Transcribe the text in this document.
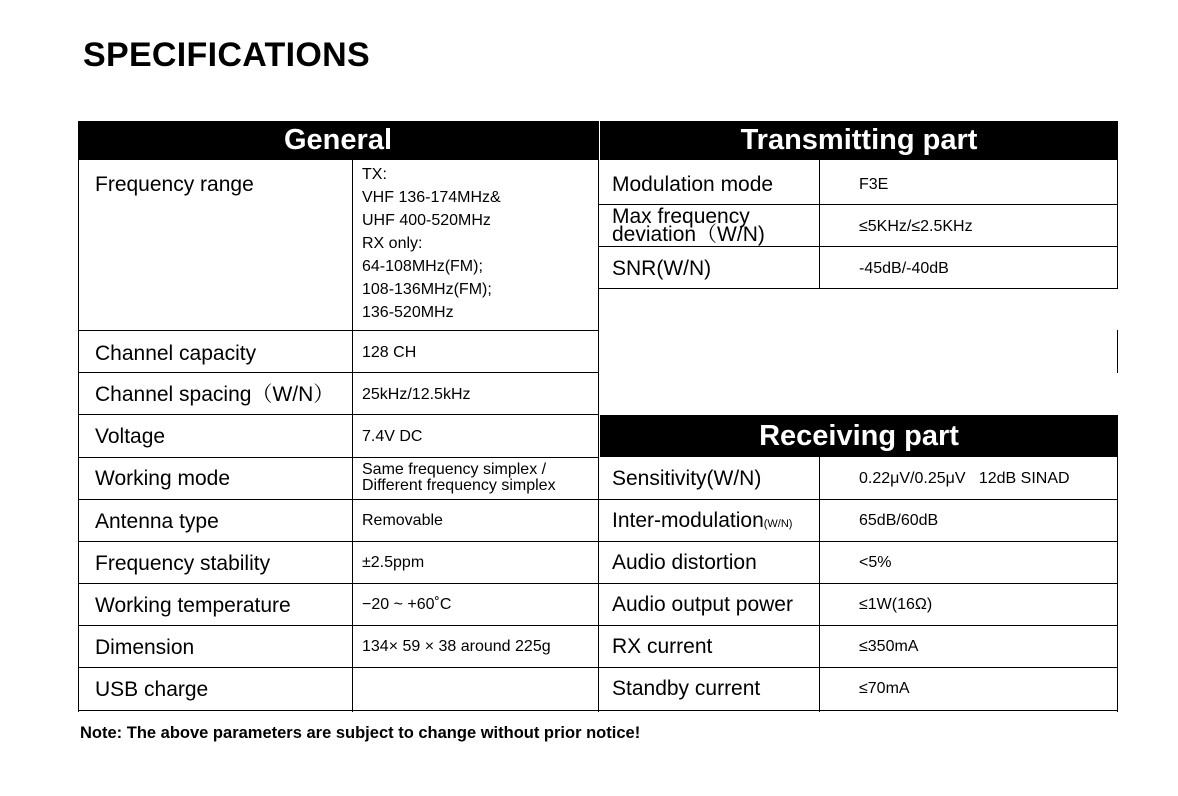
SPECIFICATIONS
General	Transmitting part
Receiving part
Frequency range	TX:
VHF 136-174MHz&
UHF 400-520MHz
RX only:
64-108MHz(FM);
108-136MHz(FM);
136-520MHz
Channel capacity	128 CH
Channel spacing（W/N） 25kHz/12.5kHz
Voltage	7.4V DC
Working mode	Same frequency simplex /
Different frequency simplex
Antenna type	Removable
Frequency stability	±2.5ppm
Working temperature	−20 ~ +60˚C
Dimension	134× 59 × 38 around 225g
USB charge
Modulation mode	F3E
Max frequency
deviation（W/N)	≤5KHz/≤2.5KHz
SNR(W/N)	-45dB/-40dB
Sensitivity(W/N)	0.22μV/0.25μV   12dB SINAD
Inter-modulation(W/N)	65dB/60dB
Audio distortion	<5%
Audio output power	≤1W(16Ω)
RX current	≤350mA
Standby current	≤70mA
Note: The above parameters are subject to change without prior notice!
